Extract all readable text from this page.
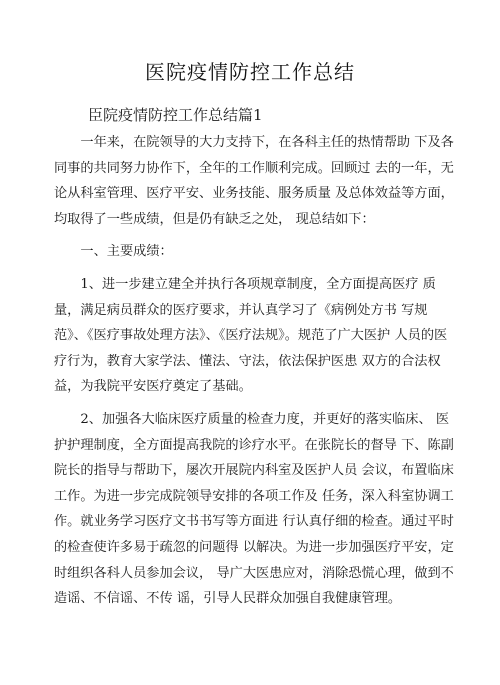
医院疫情防控工作总结
臣院疫情防控工作总结篇1

一年来，在院领导的大力支持下，在各科主任的热情帮助 下及各同事的共同努力协作下，全年的工作顺利完成。回顾过 去的一年，无论从科室管理、医疗平安、业务技能、服务质量 及总体效益等方面，均取得了一些成绩，但是仍有缺乏之处， 现总结如下：

一、主要成绩：

1、进一步建立建全并执行各项规章制度，全方面提高医疗 质量，满足病员群众的医疗要求，并认真学习了《病例处方书 写规范》、《医疗事故处理方法》、《医疗法规》。规范了广大医护 人员的医疗行为，教育大家学法、懂法、守法，依法保护医患 双方的合法权益，为我院平安医疗奠定了基础。

2、加强各大临床医疗质量的检查力度，并更好的落实临床、 医护护理制度，全方面提高我院的诊疗水平。在张院长的督导 下、陈副院长的指导与帮助下，屡次开展院内科室及医护人员 会议，布置临床工作。为进一步完成院领导安排的各项工作及 任务，深入科室协调工作。就业务学习医疗文书书写等方面进 行认真仔细的检查。通过平时的检查使许多易于疏忽的问题得 以解决。为进一步加强医疗平安，定时组织各科人员参加会议， 导广大医患应对，消除恐慌心理，做到不造谣、不信谣、不传 谣，引导人民群众加强自我健康管理。
